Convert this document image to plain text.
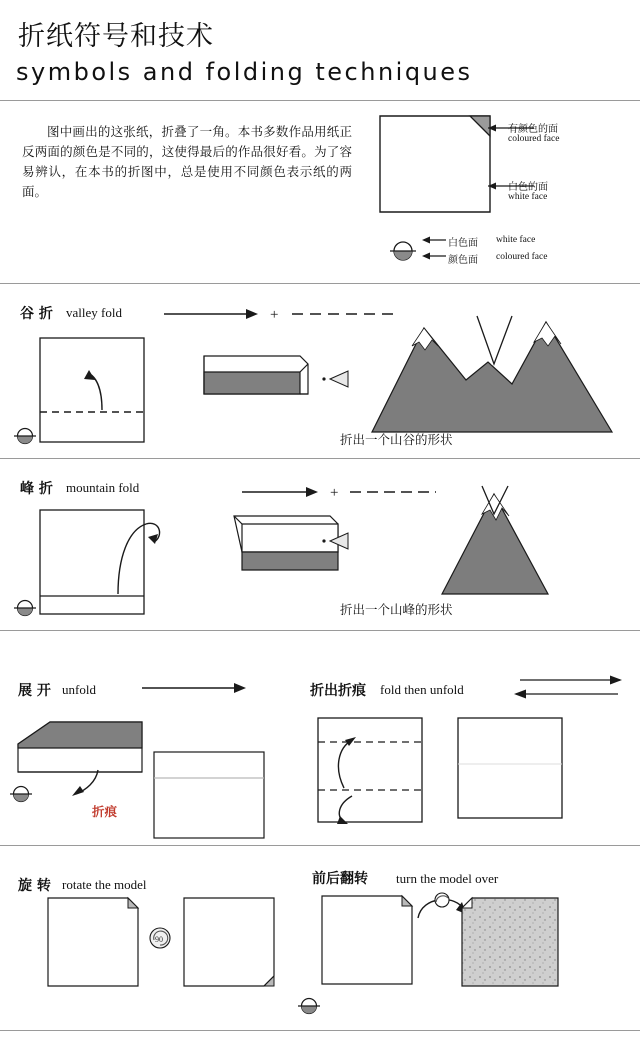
折纸符号和技术
symbols and folding techniques
图中画出的这张纸，折叠了一角。本书多数作品用纸正反两面的颜色是不同的，这使得最后的作品很好看。为了容易辨认，在本书的折图中，总是使用不同颜色表示纸的两面。
有颜色的面
coloured face
白色的面
white face
白色面 white face
颜色面 coloured face
谷 折 valley fold	+
折出一个山谷的形状
峰 折 mountain fold	+
折出一个山峰的形状
展 开 unfold	折出折痕 fold then unfold
折痕
旋 转 rotate the model	前后翻转 turn the model over
90
